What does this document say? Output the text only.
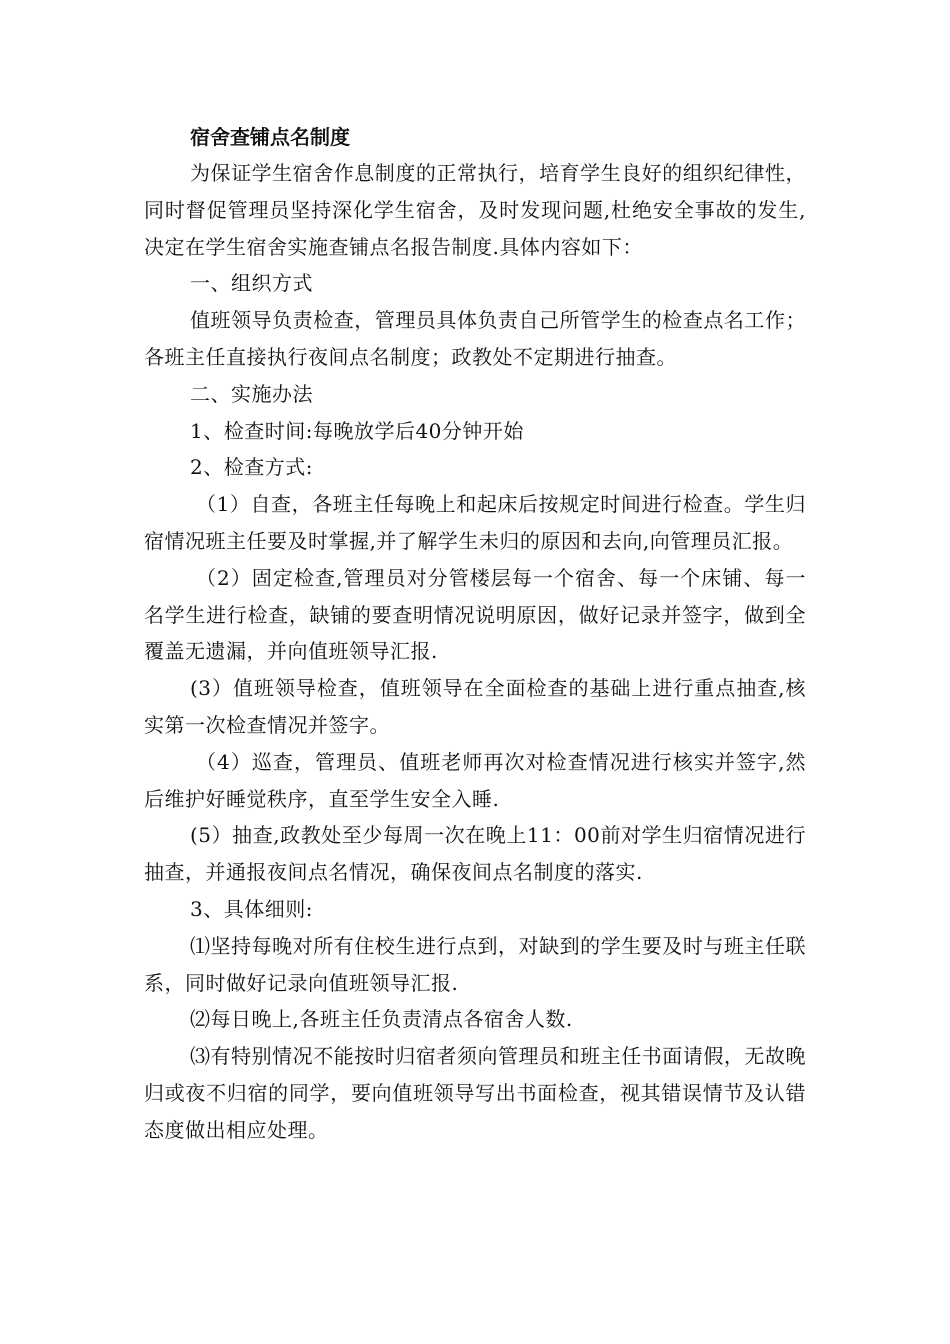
宿舍查铺点名制度

为保证学生宿舍作息制度的正常执行，培育学生良好的组织纪律性，同时督促管理员坚持深化学生宿舍，及时发现问题,杜绝安全事故的发生,决定在学生宿舍实施查铺点名报告制度.具体内容如下：

一、组织方式

值班领导负责检查，管理员具体负责自己所管学生的检查点名工作；各班主任直接执行夜间点名制度；政教处不定期进行抽查。

二、实施办法

1、检查时间:每晚放学后40分钟开始

2、检查方式:

（1）自查，各班主任每晚上和起床后按规定时间进行检查。学生归宿情况班主任要及时掌握,并了解学生未归的原因和去向,向管理员汇报。

（2）固定检查,管理员对分管楼层每一个宿舍、每一个床铺、每一名学生进行检查，缺铺的要查明情况说明原因，做好记录并签字，做到全覆盖无遗漏，并向值班领导汇报.

(3）值班领导检查，值班领导在全面检查的基础上进行重点抽查,核实第一次检查情况并签字。

（4）巡查，管理员、值班老师再次对检查情况进行核实并签字,然后维护好睡觉秩序，直至学生安全入睡.

(5）抽查,政教处至少每周一次在晚上11：00前对学生归宿情况进行抽查，并通报夜间点名情况，确保夜间点名制度的落实.

3、具体细则:

⑴坚持每晚对所有住校生进行点到，对缺到的学生要及时与班主任联系，同时做好记录向值班领导汇报.

⑵每日晚上,各班主任负责清点各宿舍人数.

⑶有特别情况不能按时归宿者须向管理员和班主任书面请假，无故晚归或夜不归宿的同学，要向值班领导写出书面检查，视其错误情节及认错态度做出相应处理。
